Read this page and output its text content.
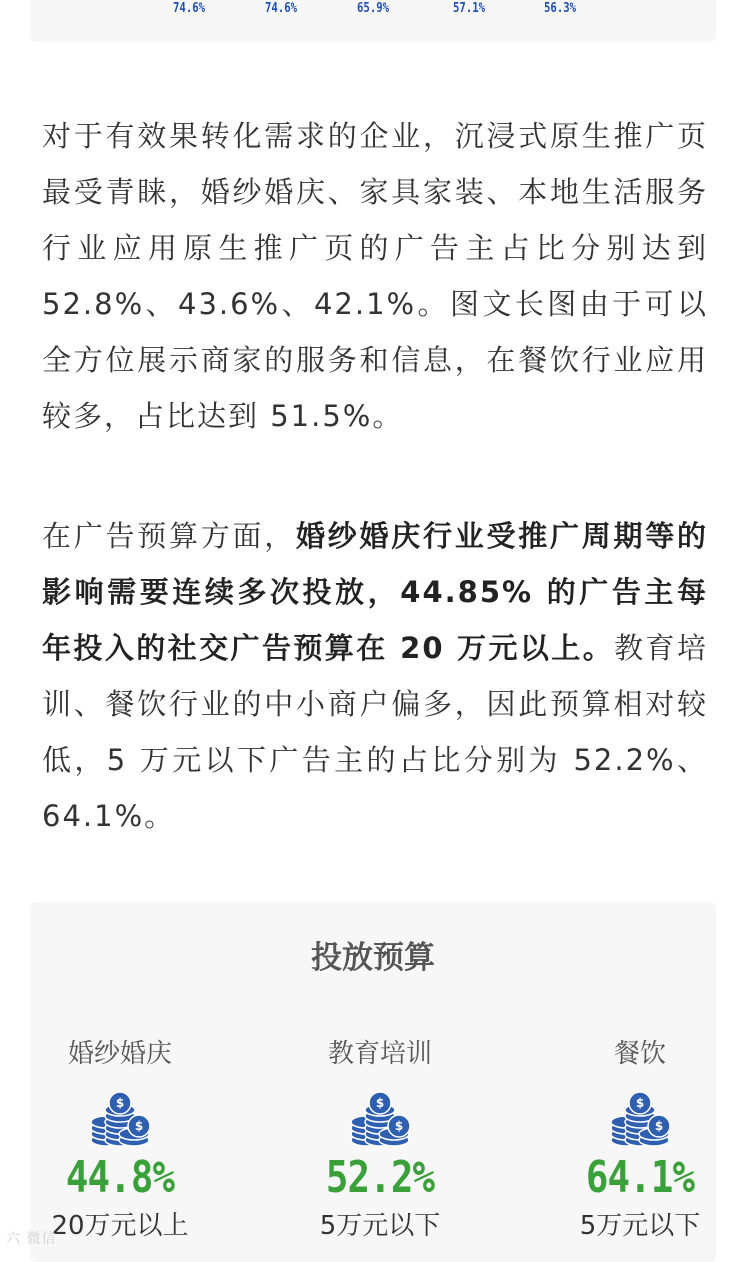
74.6%	74.6%	65.9%	57.1%	56.3%

对于有效果转化需求的企业，沉浸式原生推广页最受青睐，婚纱婚庆、家具家装、本地生活服务行业应用原生推广页的广告主占比分别达到52.8%、43.6%、42.1%。图文长图由于可以全方位展示商家的服务和信息，在餐饮行业应用较多，占比达到 51.5%。

在广告预算方面，婚纱婚庆行业受推广周期等的影响需要连续多次投放，44.85% 的广告主每年投入的社交广告预算在 20 万元以上。教育培训、餐饮行业的中小商户偏多，因此预算相对较低，5 万元以下广告主的占比分别为 52.2%、64.1%。

投放预算
婚纱婚庆
$
$
44.8%
20万元以上
教育培训
$
$
52.2%
5万元以下
餐饮
$
$
64.1%
5万元以下
六 微信
